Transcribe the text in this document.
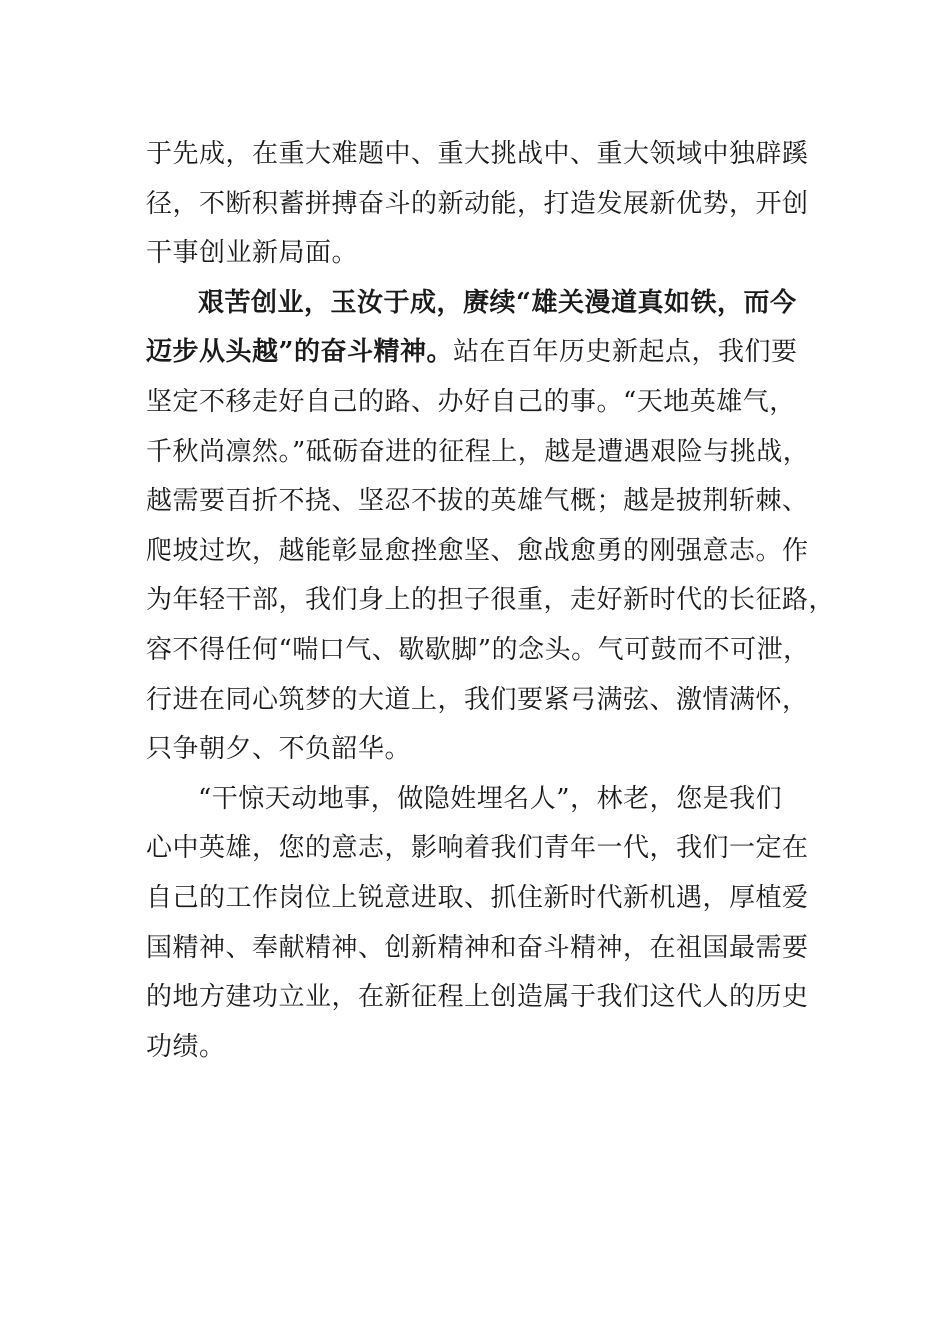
于先成，在重大难题中、重大挑战中、重大领域中独辟蹊
径，不断积蓄拼搏奋斗的新动能，打造发展新优势，开创
干事创业新局面。
艰苦创业，玉汝于成，赓续“雄关漫道真如铁，而今
迈步从头越”的奋斗精神。站在百年历史新起点，我们要
坚定不移走好自己的路、办好自己的事。“天地英雄气，
千秋尚凛然。”砥砺奋进的征程上，越是遭遇艰险与挑战，
越需要百折不挠、坚忍不拔的英雄气概；越是披荆斩棘、
爬坡过坎，越能彰显愈挫愈坚、愈战愈勇的刚强意志。作
为年轻干部，我们身上的担子很重，走好新时代的长征路，
容不得任何“喘口气、歇歇脚”的念头。气可鼓而不可泄，
行进在同心筑梦的大道上，我们要紧弓满弦、激情满怀，
只争朝夕、不负韶华。
“干惊天动地事，做隐姓埋名人”，林老，您是我们
心中英雄，您的意志，影响着我们青年一代，我们一定在
自己的工作岗位上锐意进取、抓住新时代新机遇，厚植爱
国精神、奉献精神、创新精神和奋斗精神，在祖国最需要
的地方建功立业，在新征程上创造属于我们这代人的历史
功绩。
